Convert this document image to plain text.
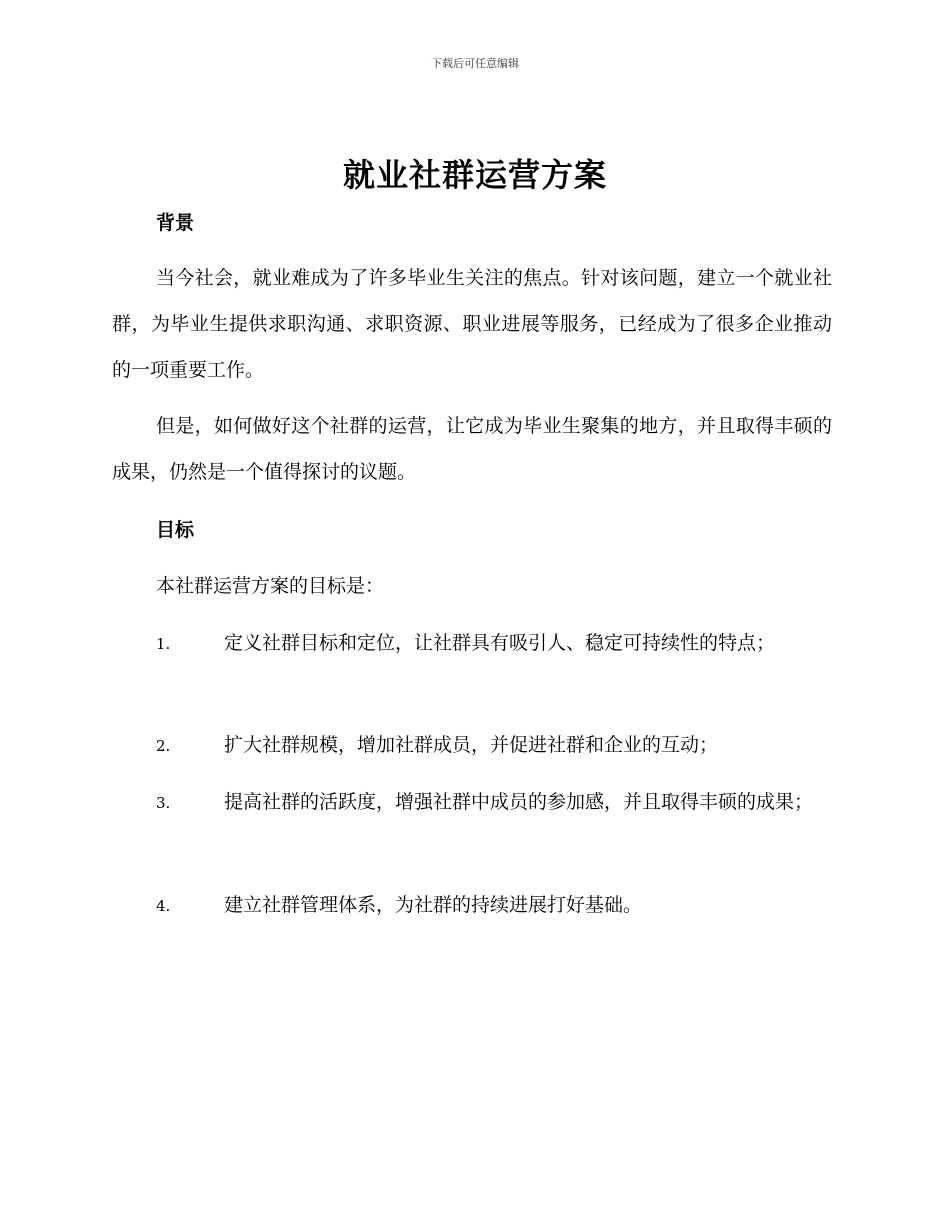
下载后可任意编辑
就业社群运营方案
背景

当今社会，就业难成为了许多毕业生关注的焦点。针对该问题，建立一个就业社群，为毕业生提供求职沟通、求职资源、职业进展等服务，已经成为了很多企业推动的一项重要工作。

但是，如何做好这个社群的运营，让它成为毕业生聚集的地方，并且取得丰硕的成果，仍然是一个值得探讨的议题。

目标

本社群运营方案的目标是：

1.	定义社群目标和定位，让社群具有吸引人、稳定可持续性的特点；
2.	扩大社群规模，增加社群成员，并促进社群和企业的互动；
3.	提高社群的活跃度，增强社群中成员的参加感，并且取得丰硕的成果；
4.	建立社群管理体系，为社群的持续进展打好基础。
